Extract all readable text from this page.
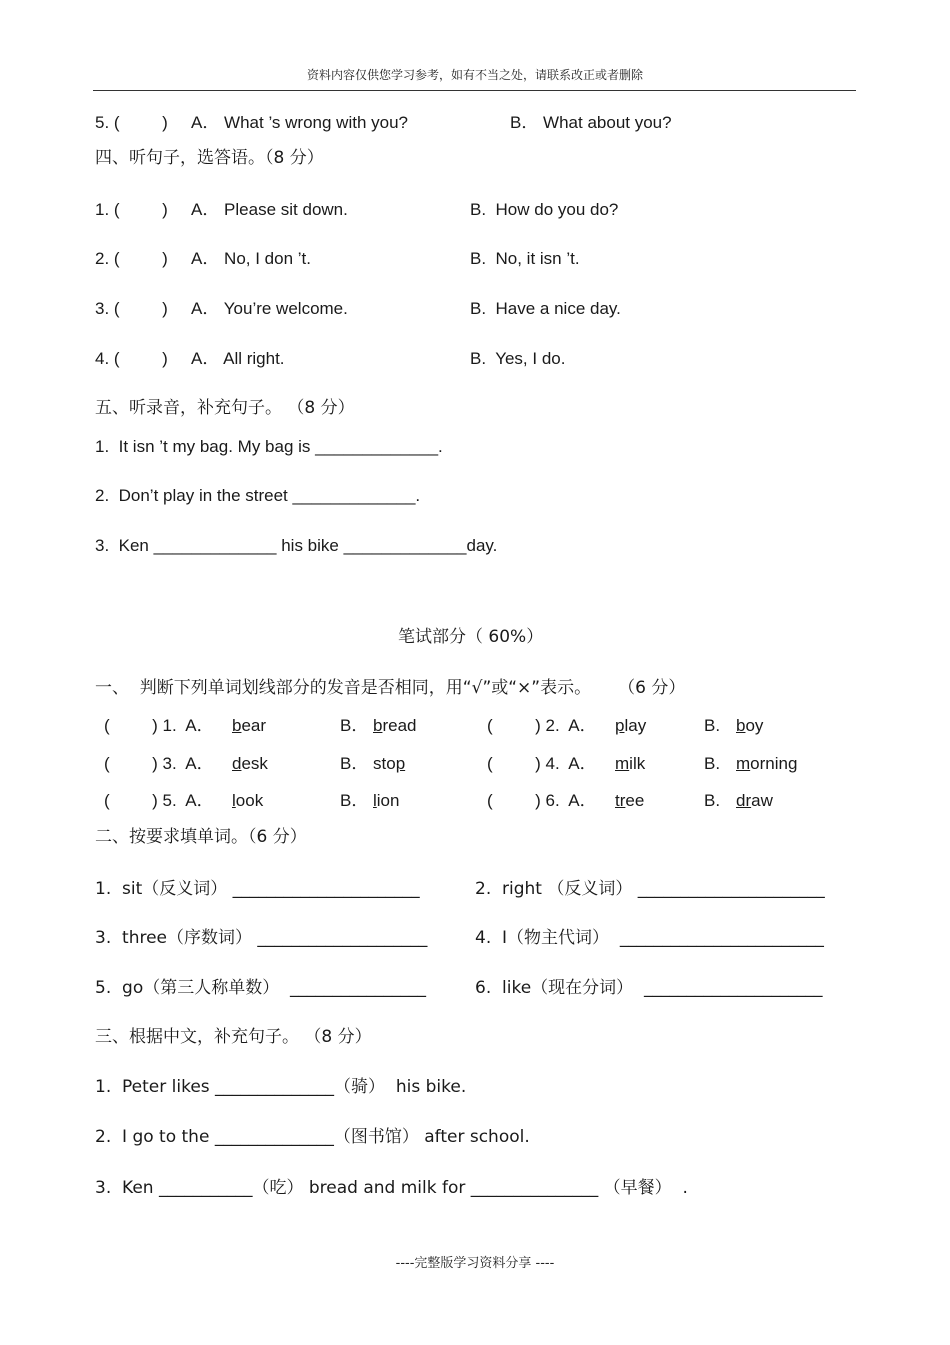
资料内容仅供您学习参考，如有不当之处，请联系改正或者删除
5. (         ) A． What ’s wrong with you?	B． What about you?
四、听句子，选答语。（8 分）
1. (         ) A． Please sit down.	B.  How do you do?
2. (         ) A． No, I don ’t.	B.  No, it isn ’t.
3. (         ) A． You’re welcome.	B.  Have a nice day.
4. (         ) A． All right.	B.  Yes, I do.
五、听录音，补充句子。 （8 分）
1.  It isn ’t my bag. My bag is _____________.
2.  Don’t play in the street _____________.
3.  Ken _____________ his bike _____________day.
笔试部分（ 60%）
一、  判断下列单词划线部分的发音是否相同，用“√”或“×”表示。     （6 分）
(         ) 1.  A． bear	B． bread	(         ) 2.  A． play	B. boy
(         ) 3.  A． desk	B． stop	(         ) 4.  A． milk	B. morning
(         ) 5.  A． look	B． lion	(         ) 6.  A． tree	B. draw
二、按要求填单词。（6 分）
1.  sit（反义词） ______________________	2.  right （反义词） ______________________
3.  three（序数词） ____________________	4.  I（物主代词）  ________________________
5.  go（第三人称单数）  ________________	6.  like（现在分词）  _____________________
三、根据中文，补充句子。 （8 分）
1.  Peter likes ______________（骑）  his bike.
2.  I go to the ______________（图书馆） after school.
3.  Ken ___________（吃） bread and milk for _______________ （早餐）  .
----完整版学习资料分享 ----
